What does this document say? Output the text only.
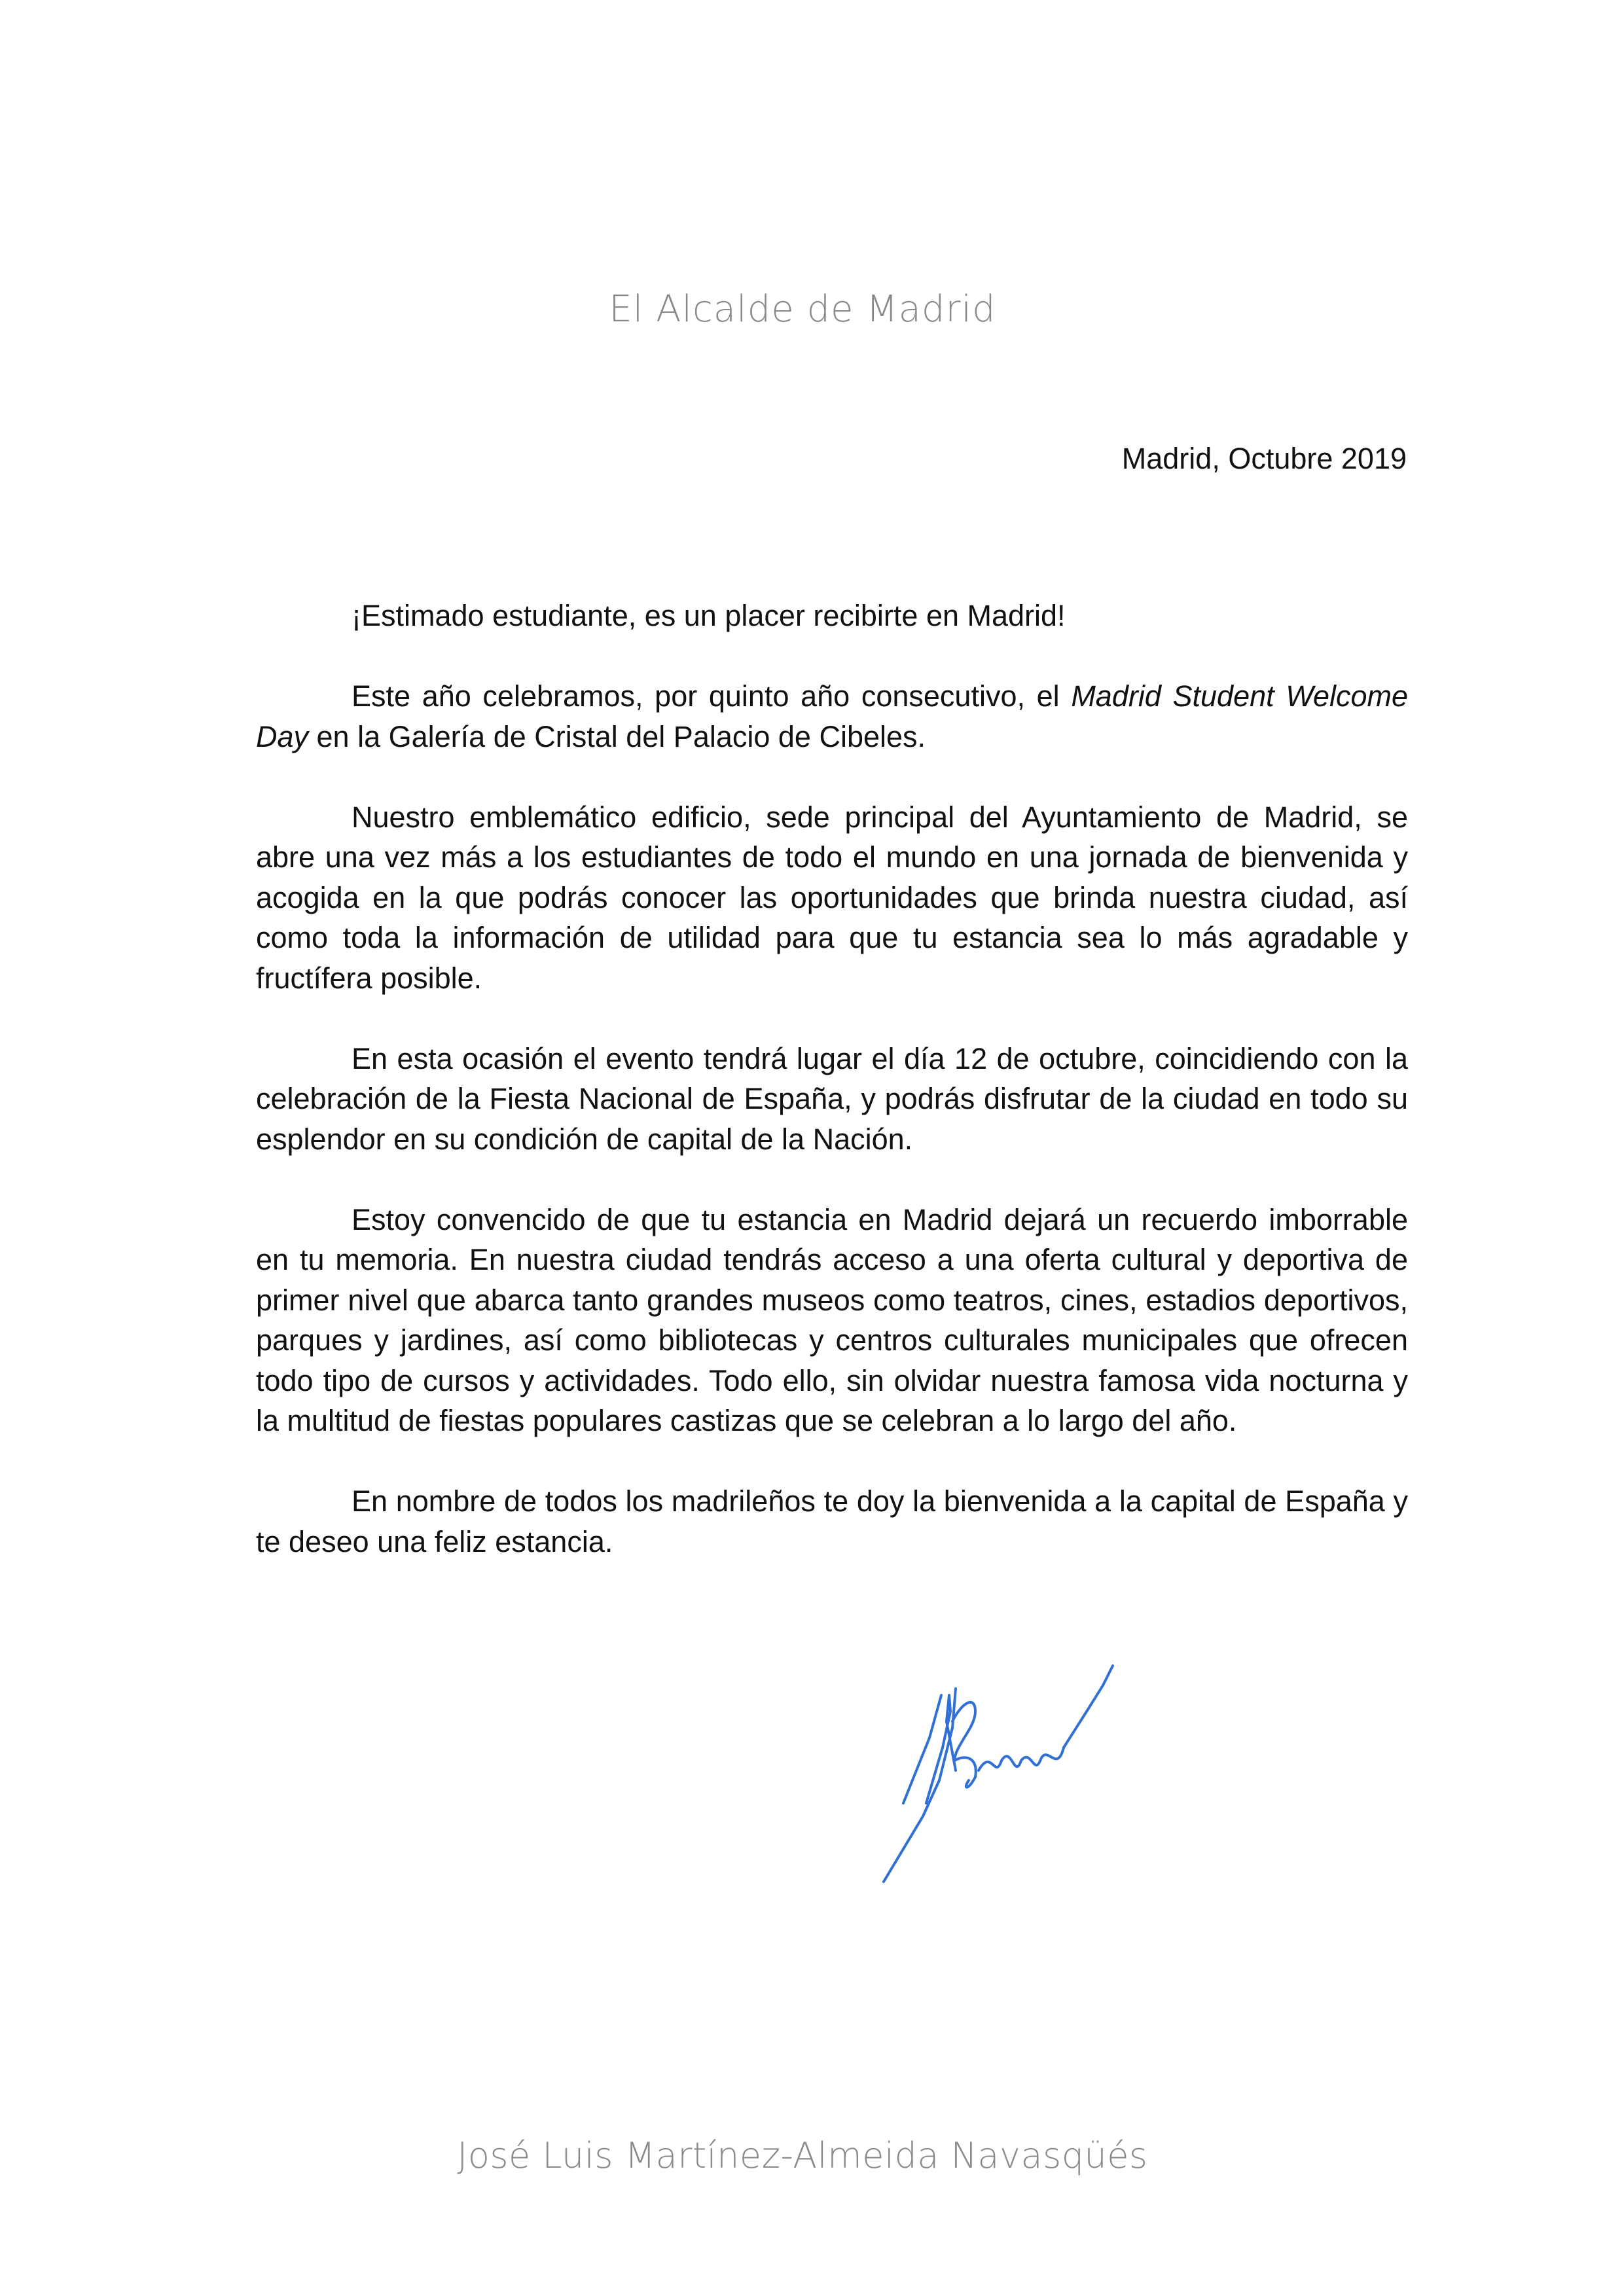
El Alcalde de Madrid
Madrid, Octubre 2019

¡Estimado estudiante, es un placer recibirte en Madrid!

Este año celebramos, por quinto año consecutivo, el Madrid Student Welcome Day en la Galería de Cristal del Palacio de Cibeles.

Nuestro emblemático edificio, sede principal del Ayuntamiento de Madrid, se abre una vez más a los estudiantes de todo el mundo en una jornada de bienvenida y acogida en la que podrás conocer las oportunidades que brinda nuestra ciudad, así como toda la información de utilidad para que tu estancia sea lo más agradable y fructífera posible.

En esta ocasión el evento tendrá lugar el día 12 de octubre, coincidiendo con la celebración de la Fiesta Nacional de España, y podrás disfrutar de la ciudad en todo su esplendor en su condición de capital de la Nación.

Estoy convencido de que tu estancia en Madrid dejará un recuerdo imborrable en tu memoria. En nuestra ciudad tendrás acceso a una oferta cultural y deportiva de primer nivel que abarca tanto grandes museos como teatros, cines, estadios deportivos, parques y jardines, así como bibliotecas y centros culturales municipales que ofrecen todo tipo de cursos y actividades. Todo ello, sin olvidar nuestra famosa vida nocturna y la multitud de fiestas populares castizas que se celebran a lo largo del año.

En nombre de todos los madrileños te doy la bienvenida a la capital de España y te deseo una feliz estancia.

José Luis Martínez-Almeida Navasqüés
